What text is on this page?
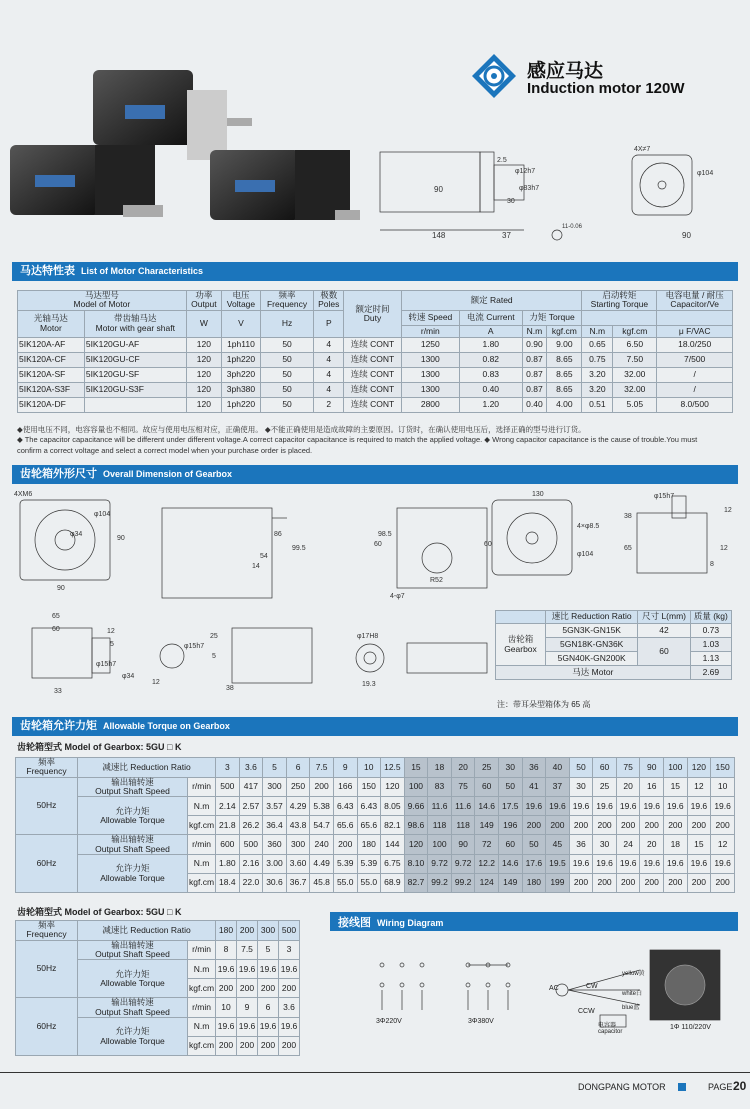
感应马达
Induction motor 120W
148	37
90
2.5
φ12h7
φ83h7
30
11-0.06
4X≠7
φ104
90
马达特性表 List of Motor Characteristics
马达型号
Model of Motor		功率
Output	电压
Voltage	频率
Frequency	极数
Poles	额定时间
Duty	额定 Rated				启动转矩
Starting Torque		电容电量 / 耐压
Capacitor/Ve
光轴马达
Motor	带齿轴马达
Motor with gear shaft	W	V	Hz	P		转速 Speed	电流 Current	力矩 Torque				
							r/min	A	N.m	kgf.cm	N.m	kgf.cm	μ F/VAC
5IK120A-AF	5IK120GU-AF	120	1ph110	50	4	连续 CONT	1250	1.80	0.90	9.00	0.65	6.50	18.0/250
5IK120A-CF	5IK120GU-CF	120	1ph220	50	4	连续 CONT	1300	0.82	0.87	8.65	0.75	7.50	7/500
5IK120A-SF	5IK120GU-SF	120	3ph220	50	4	连续 CONT	1300	0.83	0.87	8.65	3.20	32.00	/
5IK120A-S3F	5IK120GU-S3F	120	3ph380	50	4	连续 CONT	1300	0.40	0.87	8.65	3.20	32.00	/
5IK120A-DF		120	1ph220	50	2	连续 CONT	2800	1.20	0.40	4.00	0.51	5.05	8.0/500
◆使用电压不同，电容容量也不相同。故应与使用电压相对应，正确使用。 ◆不能正确使用是造成故障的主要原因。订货时，在确认使用电压后，选择正确的型号进行订货。
◆ The capacitor capacitance will be different under different voltage.A correct capacitor capacitance is required to match the applied voltage. ◆ Wrong capacitor capacitance is the cause of trouble.You must
confirm a correct voltage and select a correct model when your purchase order is placed.
齿轮箱外形尺寸 Overall Dimension of Gearbox
4XM6
φ104
φ34
90
90
99.5
86
54
14
98.5
R52
4-φ7
60
130
4×φ8.5
φ104
60
φ15h7
38
65
12
12
8
65
60	12
5
φ15h7
φ34
33
12
φ15h7
5
25
38
φ17H8
19.3
	速比 Reduction Ratio	尺寸 L(mm)	质量 (kg)
齿轮箱
Gearbox	5GN3K-GN15K	42	0.73
	5GN18K-GN36K	60	1.03
	5GN40K-GN200K		1.13
马达 Motor			2.69
注：带耳朵型箱体为 65 高
齿轮箱允许力矩 Allowable Torque on Gearbox
齿轮箱型式 Model of Gearbox: 5GU □ K
频率 Frequency	减速比 Reduction Ratio		3	3.6	5	6	7.5	9	10	12.5	15	18	20	25	30	36	40	50	60	75	90	100	120	150
50Hz	输出轴转速
Output Shaft Speed	r/min	500	417	300	250	200	166	150	120	100	83	75	60	50	41	37	30	25	20	16	15	12	10
	允许力矩
Allowable Torque	N.m	2.14	2.57	3.57	4.29	5.38	6.43	6.43	8.05	9.66	11.6	11.6	14.6	17.5	19.6	19.6	19.6	19.6	19.6	19.6	19.6	19.6	19.6
		kgf.cm	21.8	26.2	36.4	43.8	54.7	65.6	65.6	82.1	98.6	118	118	149	196	200	200	200	200	200	200	200	200	200
60Hz	输出轴转速
Output Shaft Speed	r/min	600	500	360	300	240	200	180	144	120	100	90	72	60	50	45	36	30	24	20	18	15	12
	允许力矩
Allowable Torque	N.m	1.80	2.16	3.00	3.60	4.49	5.39	5.39	6.75	8.10	9.72	9.72	12.2	14.6	17.6	19.5	19.6	19.6	19.6	19.6	19.6	19.6	19.6
		kgf.cm	18.4	22.0	30.6	36.7	45.8	55.0	55.0	68.9	82.7	99.2	99.2	124	149	180	199	200	200	200	200	200	200	200
齿轮箱型式 Model of Gearbox: 5GU □ K
频率 Frequency	减速比 Reduction Ratio		180	200	300	500
50Hz	输出轴转速
Output Shaft Speed	r/min	8	7.5	5	3
	允许力矩
Allowable Torque	N.m	19.6	19.6	19.6	19.6
		kgf.cm	200	200	200	200
60Hz	输出轴转速
Output Shaft Speed	r/min	10	9	6	3.6
	允许力矩
Allowable Torque	N.m	19.6	19.6	19.6	19.6
		kgf.cm	200	200	200	200
接线图 Wiring Diagram
3Φ220V	3Φ380V
1Φ 110/220V
AC	CW
CCW
yellow黄
white白
blue蓝
电容器
capacitor
DONGPANG MOTOR	PAGE 20
